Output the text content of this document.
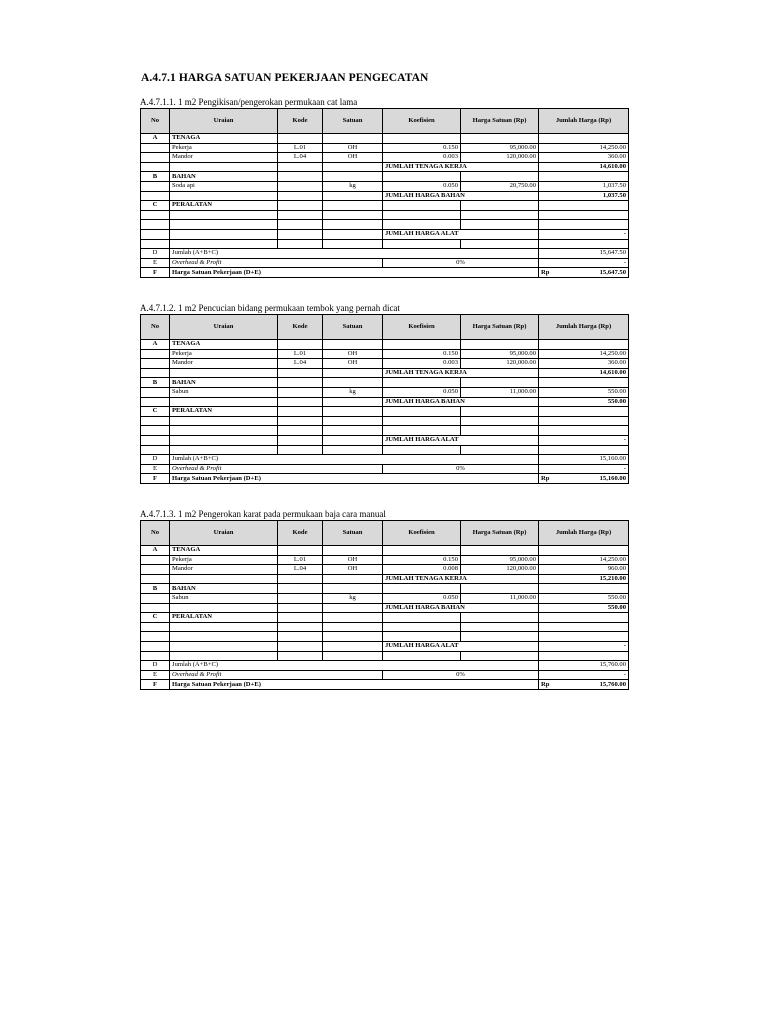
A.4.7.1 HARGA SATUAN PEKERJAAN PENGECATAN
A.4.7.1.1. 1 m2 Pengikisan/pengerokan permukaan cat lama
No	Uraian	Kode	Satuan	Koefisien	Harga Satuan (Rp)	Jumlah Harga (Rp)
A	TENAGA					
	Pekerja	L.01	OH	0.150	95,000.00	14,250.00
	Mandor	L.04	OH	0.003	120,000.00	360.00
				JUMLAH TENAGA KERJA		14,610.00
B	BAHAN					
	Soda api		kg	0.050	20,750.00	1,037.50
				JUMLAH HARGA BAHAN		1,037.50
C	PERALATAN					

				JUMLAH HARGA ALAT		-

D	Jumlah (A+B+C)					15,647.50
E	Overhead & Profit			0%		-
F	Harga Satuan Pekerjaan (D+E)					Rp 15,647.50
A.4.7.1.2. 1 m2 Pencucian bidang permukaan tembok yang pernah dicat
No	Uraian	Kode	Satuan	Koefisien	Harga Satuan (Rp)	Jumlah Harga (Rp)
A	TENAGA					
	Pekerja	L.01	OH	0.150	95,000.00	14,250.00
	Mandor	L.04	OH	0.003	120,000.00	360.00
				JUMLAH TENAGA KERJA		14,610.00
B	BAHAN					
	Sabun		kg	0.050	11,000.00	550.00
				JUMLAH HARGA BAHAN		550.00
C	PERALATAN					

				JUMLAH HARGA ALAT		-

D	Jumlah (A+B+C)					15,160.00
E	Overhead & Profit			0%		-
F	Harga Satuan Pekerjaan (D+E)					Rp 15,160.00
A.4.7.1.3. 1 m2 Pengerokan karat pada permukaan baja cara manual
No	Uraian	Kode	Satuan	Koefisien	Harga Satuan (Rp)	Jumlah Harga (Rp)
A	TENAGA					
	Pekerja	L.01	OH	0.150	95,000.00	14,250.00
	Mandor	L.04	OH	0.008	120,000.00	960.00
				JUMLAH TENAGA KERJA		15,210.00
B	BAHAN					
	Sabun		kg	0.050	11,000.00	550.00
				JUMLAH HARGA BAHAN		550.00
C	PERALATAN					

				JUMLAH HARGA ALAT		-

D	Jumlah (A+B+C)					15,760.00
E	Overhead & Profit			0%		-
F	Harga Satuan Pekerjaan (D+E)					Rp 15,760.00
